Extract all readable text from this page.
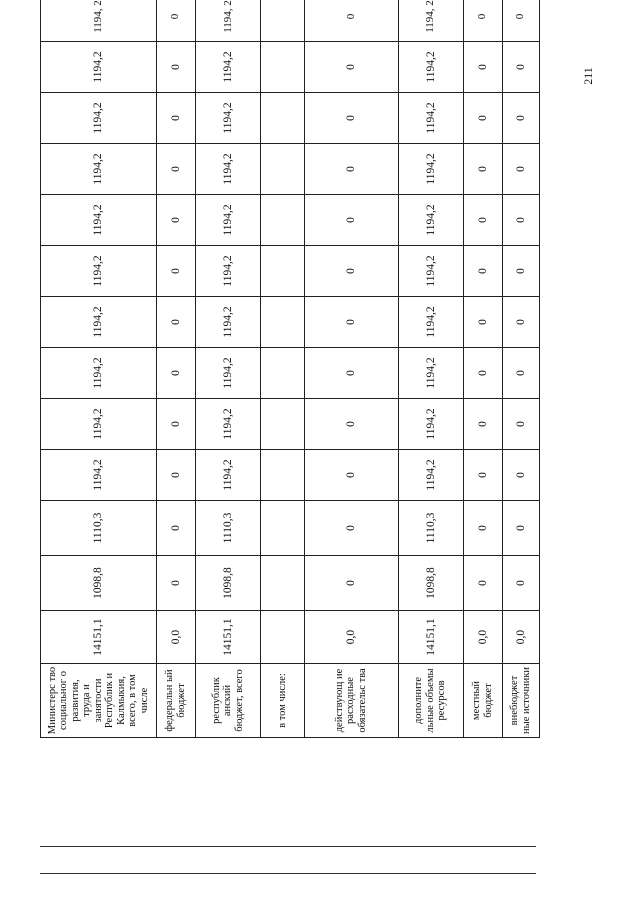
211
Министерс тво социальног о развития, труда и занятости Республик и Калмыкия, всего, в том числе	14151,1	1098,8	1110,3	1194,2	1194,2	1194,2	1194,2	1194,2	1194,2	1194,2	1194,2	1194,2	1194, 2
федеральн ый бюджет	0,0	0	0	0	0	0	0	0	0	0	0	0	0
республик анский бюджет, всего	14151,1	1098,8	1110,3	1194,2	1194,2	1194,2	1194,2	1194,2	1194,2	1194,2	1194,2	1194,2	1194, 2
в том числе:													
действующ ие расходные обязательс тва	0,0	0	0	0	0	0	0	0	0	0	0	0	0
дополните льные объемы ресурсов	14151,1	1098,8	1110,3	1194,2	1194,2	1194,2	1194,2	1194,2	1194,2	1194,2	1194,2	1194,2	1194, 2
местный бюджет	0,0	0	0	0	0	0	0	0	0	0	0	0	0
внебюджет ные источники	0,0	0	0	0	0	0	0	0	0	0	0	0	0
